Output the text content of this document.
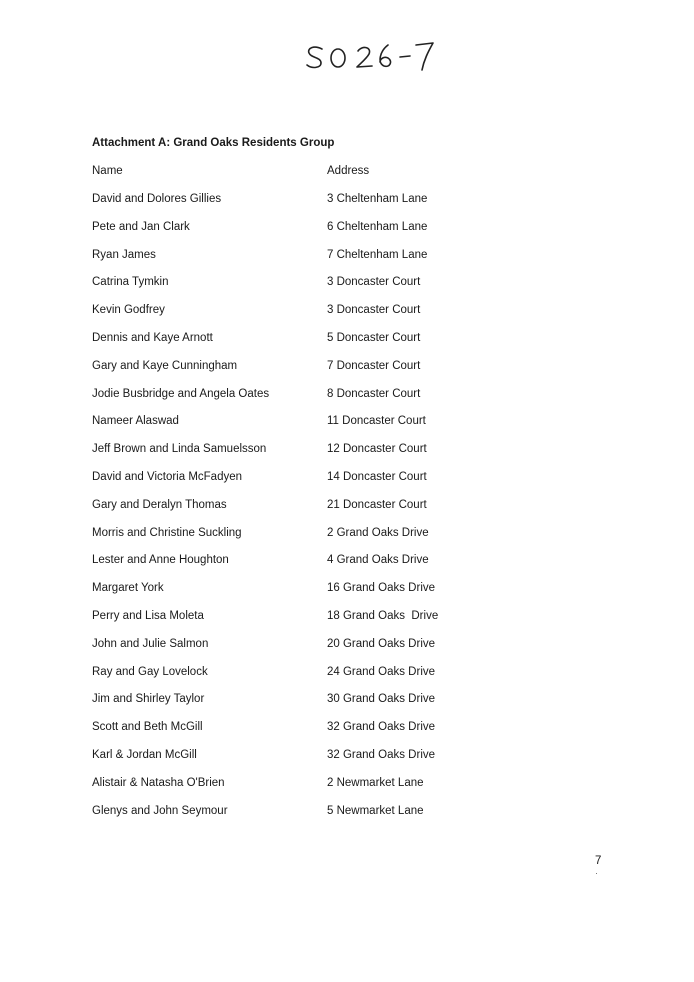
Attachment A: Grand Oaks Residents Group
Name	Address
David and Dolores Gillies	3 Cheltenham Lane
Pete and Jan Clark	6 Cheltenham Lane
Ryan James	7 Cheltenham Lane
Catrina Tymkin	3 Doncaster Court
Kevin Godfrey	3 Doncaster Court
Dennis and Kaye Arnott	5 Doncaster Court
Gary and Kaye Cunningham	7 Doncaster Court
Jodie Busbridge and Angela Oates	8 Doncaster Court
Nameer Alaswad	11 Doncaster Court
Jeff Brown and Linda Samuelsson	12 Doncaster Court
David and Victoria McFadyen	14 Doncaster Court
Gary and Deralyn Thomas	21 Doncaster Court
Morris and Christine Suckling	2 Grand Oaks Drive
Lester and Anne Houghton	4 Grand Oaks Drive
Margaret York	16 Grand Oaks Drive
Perry and Lisa Moleta	18 Grand Oaks  Drive
John and Julie Salmon	20 Grand Oaks Drive
Ray and Gay Lovelock	24 Grand Oaks Drive
Jim and Shirley Taylor	30 Grand Oaks Drive
Scott and Beth McGill	32 Grand Oaks Drive
Karl & Jordan McGill	32 Grand Oaks Drive
Alistair & Natasha O'Brien	2 Newmarket Lane
Glenys and John Seymour	5 Newmarket Lane
7
